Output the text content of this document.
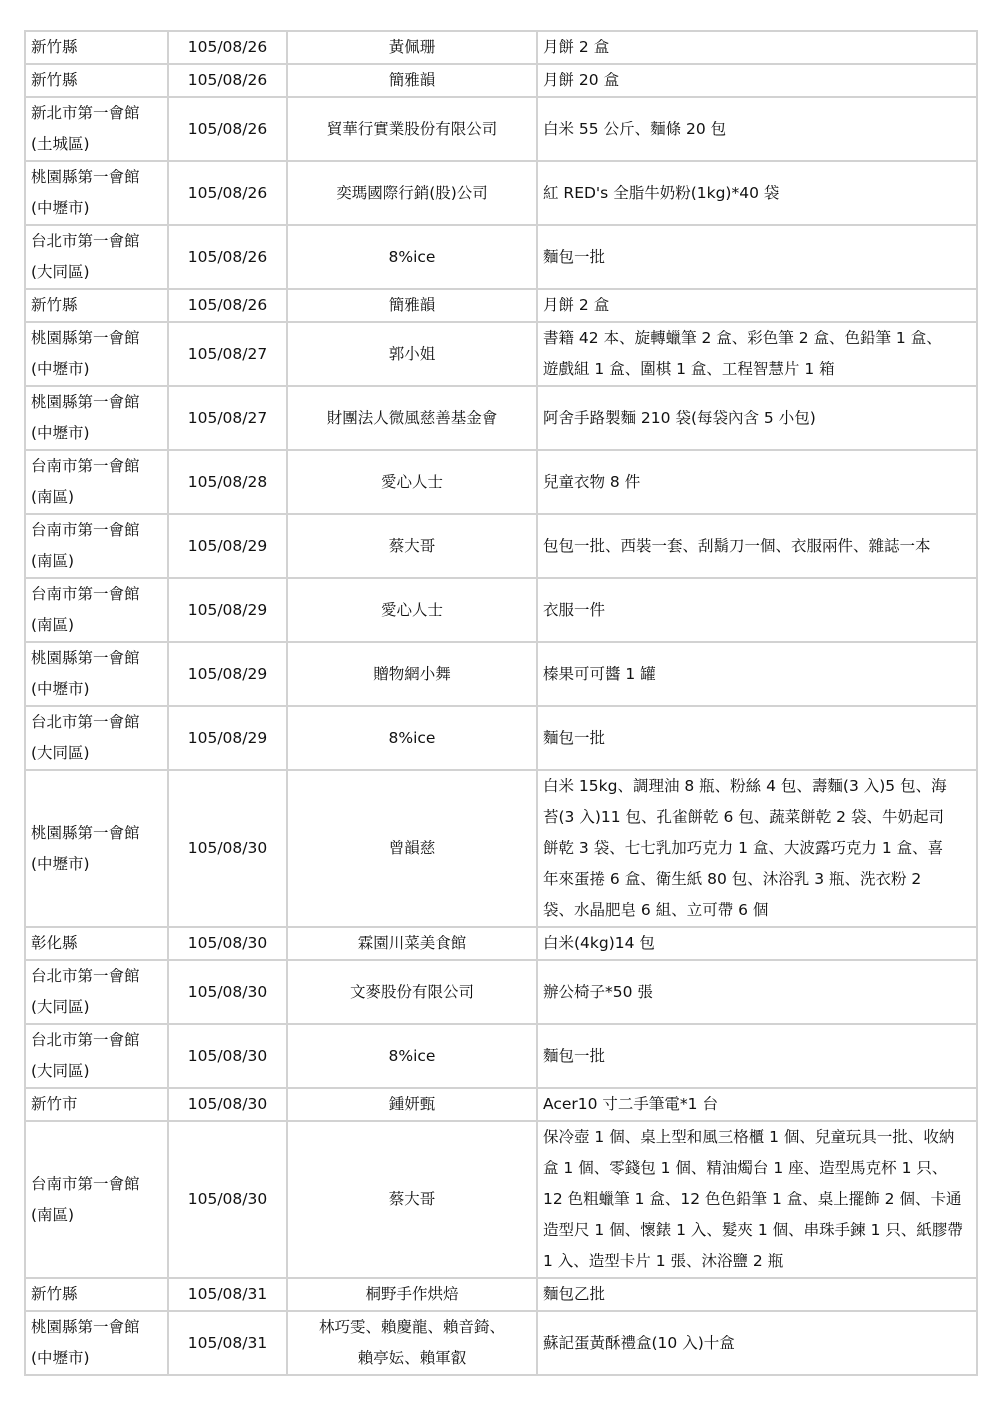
新竹縣	105/08/26	黃佩珊	月餅 2 盒
新竹縣	105/08/26	簡雅韻	月餅 20 盒
新北市第一會館
(土城區)	105/08/26	貿華行實業股份有限公司	白米 55 公斤、麵條 20 包
桃園縣第一會館
(中壢市)	105/08/26	奕瑪國際行銷(股)公司	紅 RED's 全脂牛奶粉(1kg)*40 袋
台北市第一會館
(大同區)	105/08/26	8%ice	麵包一批
新竹縣	105/08/26	簡雅韻	月餅 2 盒
桃園縣第一會館
(中壢市)	105/08/27	郭小姐	書籍 42 本、旋轉蠟筆 2 盒、彩色筆 2 盒、色鉛筆 1 盒、
遊戲組 1 盒、圍棋 1 盒、工程智慧片 1 箱
桃園縣第一會館
(中壢市)	105/08/27	財團法人微風慈善基金會	阿舍手路製麵 210 袋(每袋內含 5 小包)
台南市第一會館
(南區)	105/08/28	愛心人士	兒童衣物 8 件
台南市第一會館
(南區)	105/08/29	蔡大哥	包包一批、西裝一套、刮鬍刀一個、衣服兩件、雜誌一本
台南市第一會館
(南區)	105/08/29	愛心人士	衣服一件
桃園縣第一會館
(中壢市)	105/08/29	贈物網小舞	榛果可可醬 1 罐
台北市第一會館
(大同區)	105/08/29	8%ice	麵包一批
桃園縣第一會館
(中壢市)	105/08/30	曾韻慈	白米 15kg、調理油 8 瓶、粉絲 4 包、壽麵(3 入)5 包、海
苔(3 入)11 包、孔雀餅乾 6 包、蔬菜餅乾 2 袋、牛奶起司
餅乾 3 袋、七七乳加巧克力 1 盒、大波露巧克力 1 盒、喜
年來蛋捲 6 盒、衛生紙 80 包、沐浴乳 3 瓶、洗衣粉 2
袋、水晶肥皂 6 組、立可帶 6 個
彰化縣	105/08/30	霖園川菜美食館	白米(4kg)14 包
台北市第一會館
(大同區)	105/08/30	文麥股份有限公司	辦公椅子*50 張
台北市第一會館
(大同區)	105/08/30	8%ice	麵包一批
新竹市	105/08/30	鍾妍甄	Acer10 寸二手筆電*1 台
台南市第一會館
(南區)	105/08/30	蔡大哥	保冷壺 1 個、桌上型和風三格櫃 1 個、兒童玩具一批、收納
盒 1 個、零錢包 1 個、精油燭台 1 座、造型馬克杯 1 只、
12 色粗蠟筆 1 盒、12 色色鉛筆 1 盒、桌上擺飾 2 個、卡通
造型尺 1 個、懷錶 1 入、髮夾 1 個、串珠手鍊 1 只、紙膠帶
1 入、造型卡片 1 張、沐浴鹽 2 瓶
新竹縣	105/08/31	桐野手作烘焙	麵包乙批
桃園縣第一會館
(中壢市)	105/08/31	林巧雯、賴慶龍、賴音錡、
賴亭妘、賴軍叡	蘇記蛋黃酥禮盒(10 入)十盒
